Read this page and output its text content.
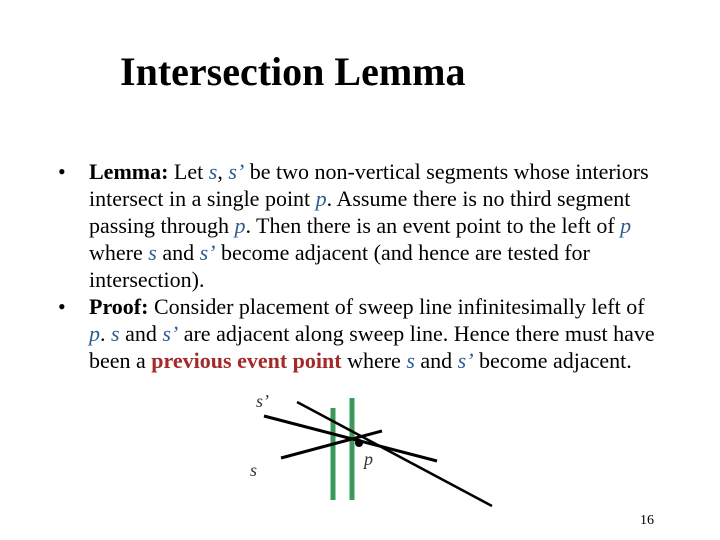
Intersection Lemma
• Lemma: Let s, s’ be two non-vertical segments whose interiors intersect in a single point p. Assume there is no third segment passing through p. Then there is an event point to the left of p where s and s’ become adjacent (and hence are tested for intersection).
• Proof: Consider placement of sweep line infinitesimally left of p. s and s’ are adjacent along sweep line. Hence there must have been a previous event point where s and s’ become adjacent.
s’
s
p
16
